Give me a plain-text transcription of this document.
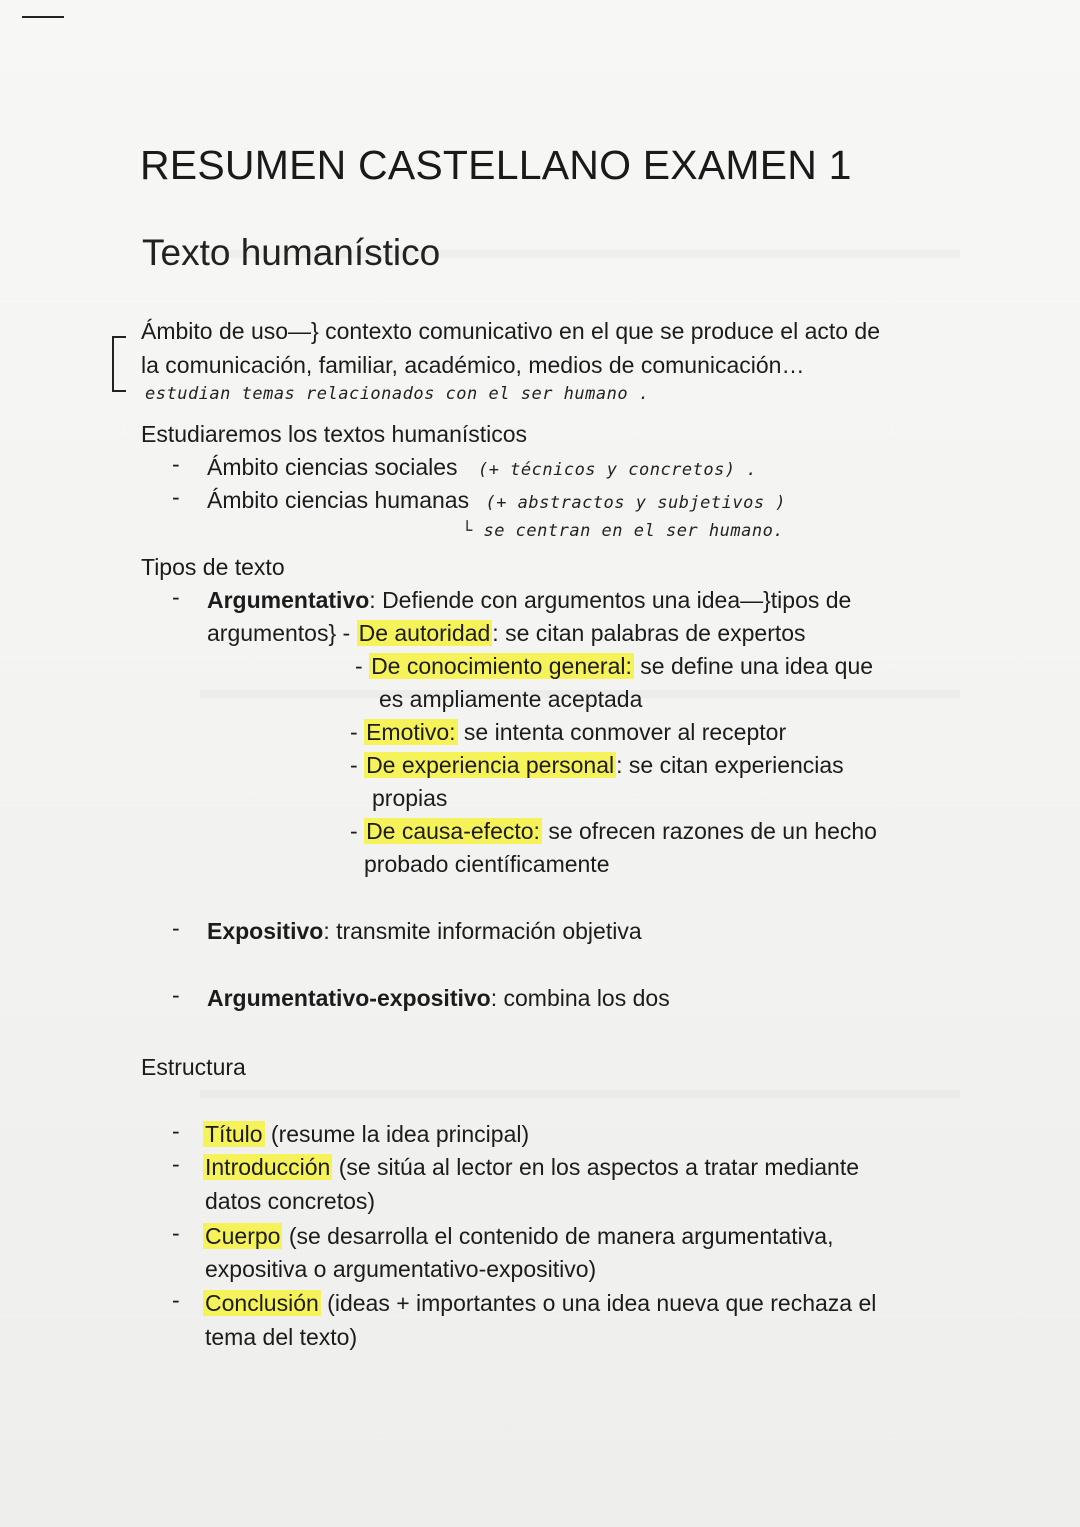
RESUMEN CASTELLANO EXAMEN 1
Texto humanístico
Ámbito de uso—} contexto comunicativo en el que se produce el acto de
la comunicación, familiar, académico, medios de comunicación…
estudian temas relacionados con el ser humano .
Estudiaremos los textos humanísticos
- Ámbito ciencias sociales (+ técnicos y concretos) .
- Ámbito ciencias humanas (+ abstractos y subjetivos )
└ se centran en el ser humano.
Tipos de texto
- Argumentativo: Defiende con argumentos una idea—}tipos de
argumentos} - De autoridad: se citan palabras de expertos
- De conocimiento general: se define una idea que
es ampliamente aceptada
- Emotivo: se intenta conmover al receptor
- De experiencia personal: se citan experiencias
propias
- De causa-efecto: se ofrecen razones de un hecho
probado científicamente
- Expositivo: transmite información objetiva
- Argumentativo-expositivo: combina los dos
Estructura
- Título (resume la idea principal)
- Introducción (se sitúa al lector en los aspectos a tratar mediante
datos concretos)
- Cuerpo (se desarrolla el contenido de manera argumentativa,
expositiva o argumentativo-expositivo)
- Conclusión (ideas + importantes o una idea nueva que rechaza el
tema del texto)
